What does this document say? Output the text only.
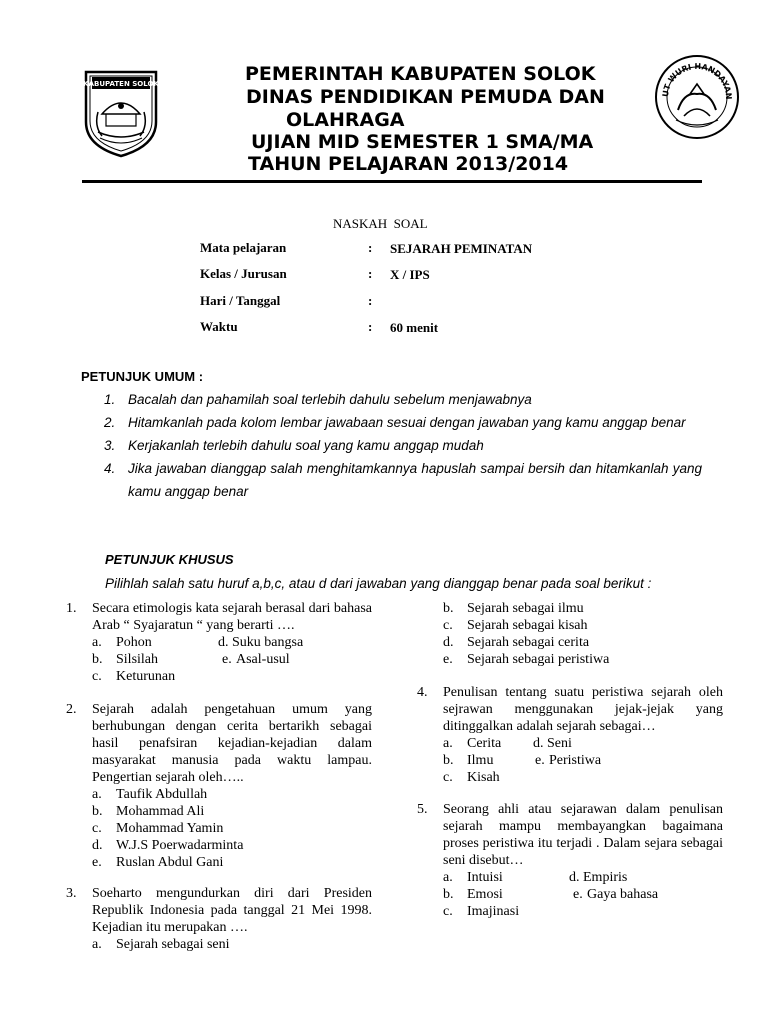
KABUPATEN SOLOK
UT WURI HANDAYAN
PEMERINTAH KABUPATEN SOLOK
DINAS PENDIDIKAN PEMUDA DAN
OLAHRAGA
UJIAN MID SEMESTER 1 SMA/MA
TAHUN PELAJARAN 2013/2014
NASKAH  SOAL
Mata pelajaran	: SEJARAH PEMINATAN
Kelas / Jurusan	: X / IPS
Hari / Tanggal	:
Waktu	: 60 menit
PETUNJUK UMUM :
1. Bacalah dan pahamilah soal terlebih dahulu sebelum menjawabnya
2. Hitamkanlah pada kolom lembar jawabaan sesuai dengan jawaban yang kamu anggap benar
3. Kerjakanlah terlebih dahulu soal yang kamu anggap mudah
4. Jika jawaban dianggap salah menghitamkannya hapuslah sampai bersih dan hitamkanlah yang kamu anggap benar
PETUNJUK KHUSUS
Pilihlah salah satu huruf a,b,c, atau d dari jawaban yang dianggap benar pada soal berikut :
1. Secara etimologis kata sejarah berasal dari bahasa Arab “ Syajaratun “ yang berarti ….
a. Pohon	d. Suku bangsa
b. Silsilah	e. Asal-usul
c. Keturunan
2. Sejarah adalah pengetahuan umum yang berhubungan dengan cerita bertarikh sebagai hasil penafsiran kejadian-kejadian dalam masyarakat manusia pada waktu lampau. Pengertian sejarah oleh…..
a. Taufik Abdullah
b. Mohammad Ali
c. Mohammad Yamin
d. W.J.S Poerwadarminta
e. Ruslan Abdul Gani
3. Soeharto mengundurkan diri dari Presiden Republik Indonesia pada tanggal 21 Mei 1998. Kejadian itu merupakan ….
a. Sejarah sebagai seni
b. Sejarah sebagai ilmu
c. Sejarah sebagai kisah
d. Sejarah sebagai cerita
e. Sejarah sebagai peristiwa
4. Penulisan tentang suatu peristiwa sejarah oleh sejrawan menggunakan jejak-jejak yang ditinggalkan adalah sejarah sebagai…
a. Cerita d. Seni
b. Ilmu	e. Peristiwa
c. Kisah
5. Seorang ahli atau sejarawan dalam penulisan sejarah mampu membayangkan bagaimana proses peristiwa itu terjadi . Dalam sejara sebagai seni disebut…
a. Intuisi	d. Empiris
b. Emosi	e. Gaya bahasa
c. Imajinasi
